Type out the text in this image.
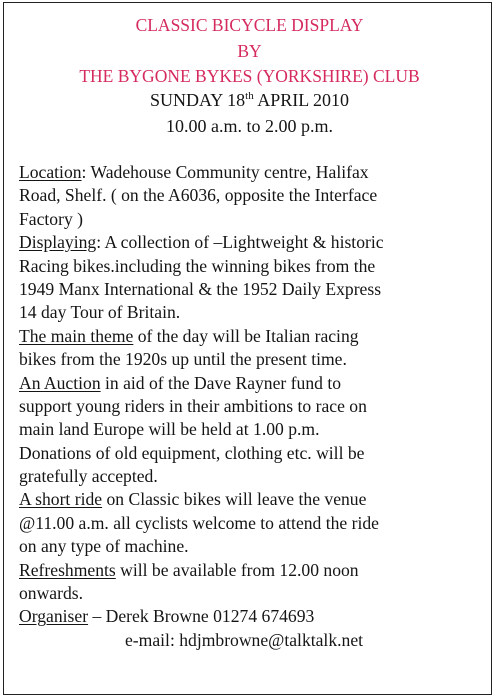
CLASSIC BICYCLE DISPLAY
BY
THE BYGONE BYKES (YORKSHIRE) CLUB
SUNDAY 18th APRIL 2010
10.00 a.m. to 2.00 p.m.
Location: Wadehouse Community centre, Halifax
Road, Shelf. ( on the A6036, opposite the Interface
Factory )
Displaying: A collection of –Lightweight & historic
Racing bikes.including the winning bikes from the
1949 Manx International & the 1952 Daily Express
14 day Tour of Britain.
The main theme of the day will be Italian racing
bikes from the 1920s up until the present time.
An Auction in aid of the Dave Rayner fund to
support young riders in their ambitions to race on
main land Europe will be held at 1.00 p.m.
Donations of old equipment, clothing etc. will be
gratefully accepted.
A short ride on Classic bikes will leave the venue
@11.00 a.m. all cyclists welcome to attend the ride
on any type of machine.
Refreshments will be available from 12.00 noon
onwards.
Organiser – Derek Browne 01274 674693
e-mail: hdjmbrowne@talktalk.net
